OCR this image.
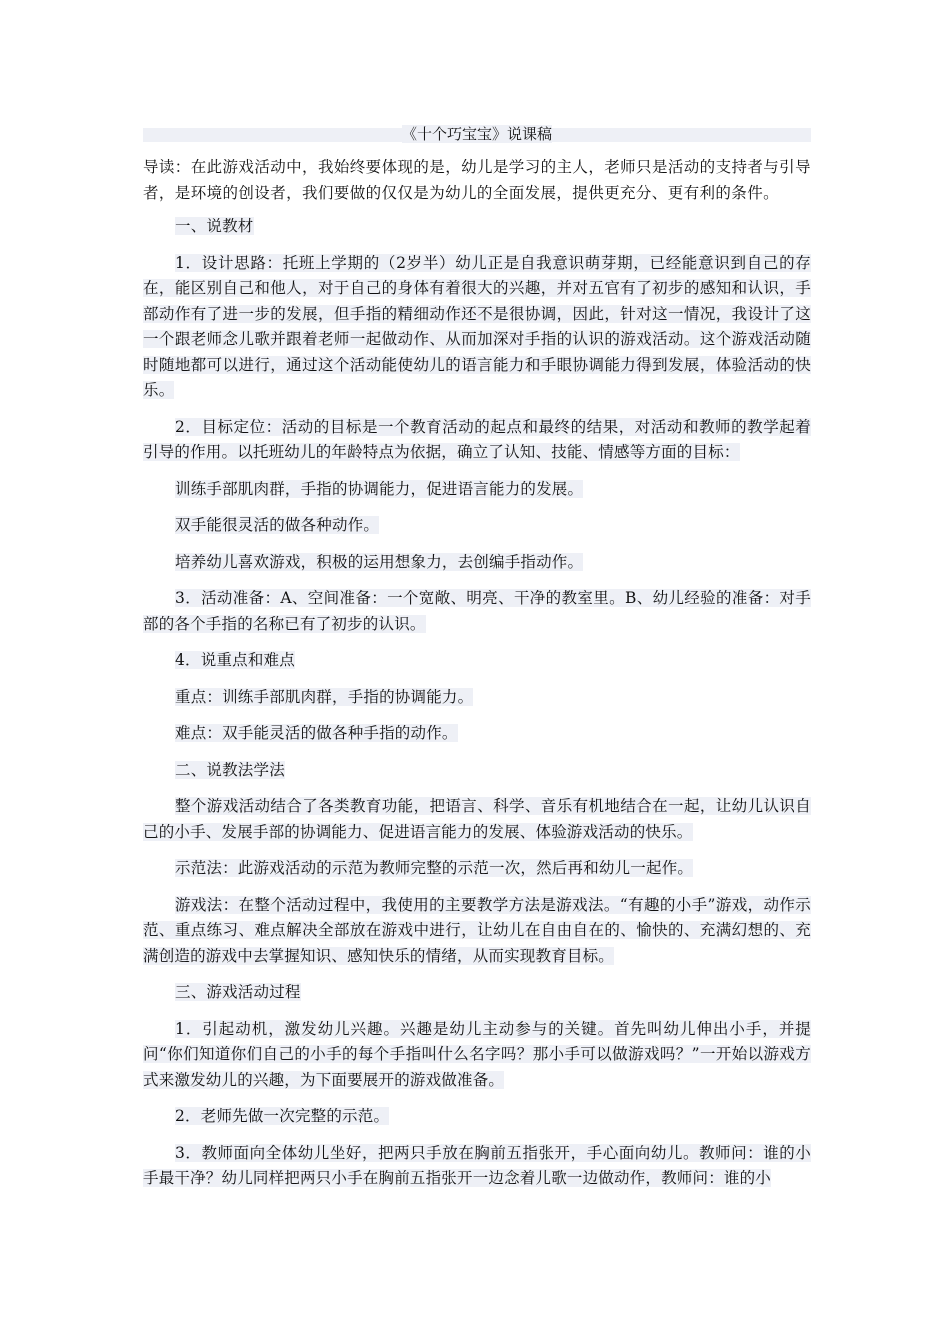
《十个巧宝宝》说课稿

导读：在此游戏活动中，我始终要体现的是，幼儿是学习的主人，老师只是活动的支持者与引导者，是环境的创设者，我们要做的仅仅是为幼儿的全面发展，提供更充分、更有利的条件。

一、说教材

1．设计思路：托班上学期的（2岁半）幼儿正是自我意识萌芽期，已经能意识到自己的存在，能区别自己和他人，对于自己的身体有着很大的兴趣，并对五官有了初步的感知和认识，手部动作有了进一步的发展，但手指的精细动作还不是很协调，因此，针对这一情况，我设计了这一个跟老师念儿歌并跟着老师一起做动作、从而加深对手指的认识的游戏活动。这个游戏活动随时随地都可以进行，通过这个活动能使幼儿的语言能力和手眼协调能力得到发展，体验活动的快乐。

2．目标定位：活动的目标是一个教育活动的起点和最终的结果，对活动和教师的教学起着引导的作用。以托班幼儿的年龄特点为依据，确立了认知、技能、情感等方面的目标：

训练手部肌肉群，手指的协调能力，促进语言能力的发展。

双手能很灵活的做各种动作。

培养幼儿喜欢游戏，积极的运用想象力，去创编手指动作。

3．活动准备：A、空间准备：一个宽敞、明亮、干净的教室里。B、幼儿经验的准备：对手部的各个手指的名称已有了初步的认识。

4．说重点和难点

重点：训练手部肌肉群，手指的协调能力。

难点：双手能灵活的做各种手指的动作。

二、说教法学法

整个游戏活动结合了各类教育功能，把语言、科学、音乐有机地结合在一起，让幼儿认识自己的小手、发展手部的协调能力、促进语言能力的发展、体验游戏活动的快乐。

示范法：此游戏活动的示范为教师完整的示范一次，然后再和幼儿一起作。

游戏法：在整个活动过程中，我使用的主要教学方法是游戏法。“有趣的小手”游戏，动作示范、重点练习、难点解决全部放在游戏中进行，让幼儿在自由自在的、愉快的、充满幻想的、充满创造的游戏中去掌握知识、感知快乐的情绪，从而实现教育目标。

三、游戏活动过程

1．引起动机，激发幼儿兴趣。兴趣是幼儿主动参与的关键。首先叫幼儿伸出小手，并提问“你们知道你们自己的小手的每个手指叫什么名字吗？那小手可以做游戏吗？”一开始以游戏方式来激发幼儿的兴趣，为下面要展开的游戏做准备。

2．老师先做一次完整的示范。

3．教师面向全体幼儿坐好，把两只手放在胸前五指张开，手心面向幼儿。教师问：谁的小手最干净？幼儿同样把两只小手在胸前五指张开一边念着儿歌一边做动作，教师问：谁的小
